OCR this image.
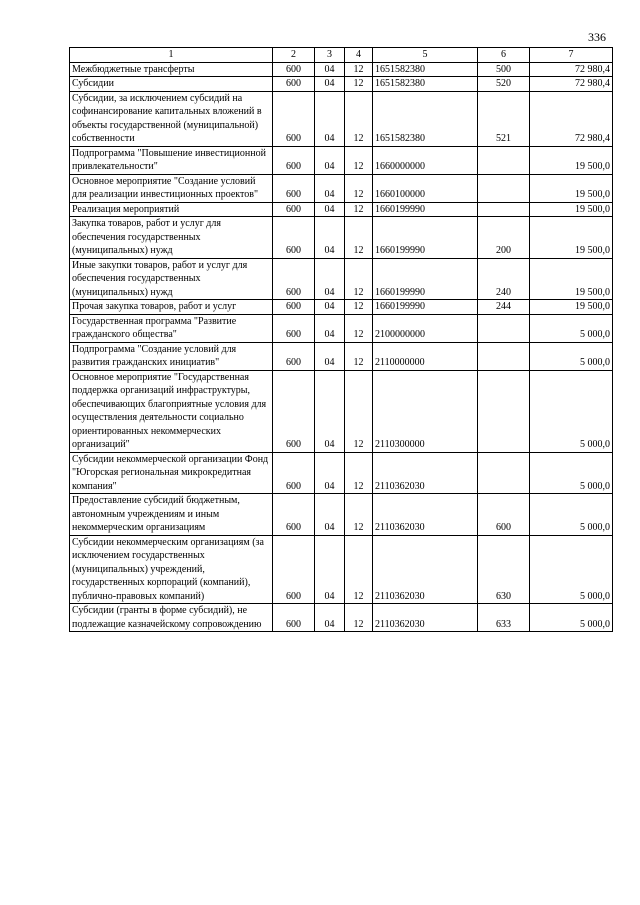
336
1	2	3	4	5	6	7
Межбюджетные трансферты	600	04	12	1651582380	500	72 980,4
Субсидии	600	04	12	1651582380	520	72 980,4
Субсидии, за исключением субсидий на софинансирование капитальных вложений в объекты государственной (муниципальной) собственности	600	04	12	1651582380	521	72 980,4
Подпрограмма "Повышение инвестиционной привлекательности"	600	04	12	1660000000		19 500,0
Основное мероприятие "Создание условий для реализации инвестиционных проектов"	600	04	12	1660100000		19 500,0
Реализация мероприятий	600	04	12	1660199990		19 500,0
Закупка товаров, работ и услуг для обеспечения государственных (муниципальных) нужд	600	04	12	1660199990	200	19 500,0
Иные закупки товаров, работ и услуг для обеспечения государственных (муниципальных) нужд	600	04	12	1660199990	240	19 500,0
Прочая закупка товаров, работ и услуг	600	04	12	1660199990	244	19 500,0
Государственная программа "Развитие гражданского общества"	600	04	12	2100000000		5 000,0
Подпрограмма "Создание условий для развития гражданских инициатив"	600	04	12	2110000000		5 000,0
Основное мероприятие "Государственная поддержка организаций инфраструктуры, обеспечивающих благоприятные условия для осуществления деятельности социально ориентированных некоммерческих организаций"	600	04	12	2110300000		5 000,0
Субсидии некоммерческой организации Фонд "Югорская региональная микрокредитная компания"	600	04	12	2110362030		5 000,0
Предоставление субсидий бюджетным, автономным учреждениям и иным некоммерческим организациям	600	04	12	2110362030	600	5 000,0
Субсидии некоммерческим организациям (за исключением государственных (муниципальных) учреждений, государственных корпораций (компаний), публично-правовых компаний)	600	04	12	2110362030	630	5 000,0
Субсидии (гранты в форме субсидий), не подлежащие казначейскому сопровождению	600	04	12	2110362030	633	5 000,0
